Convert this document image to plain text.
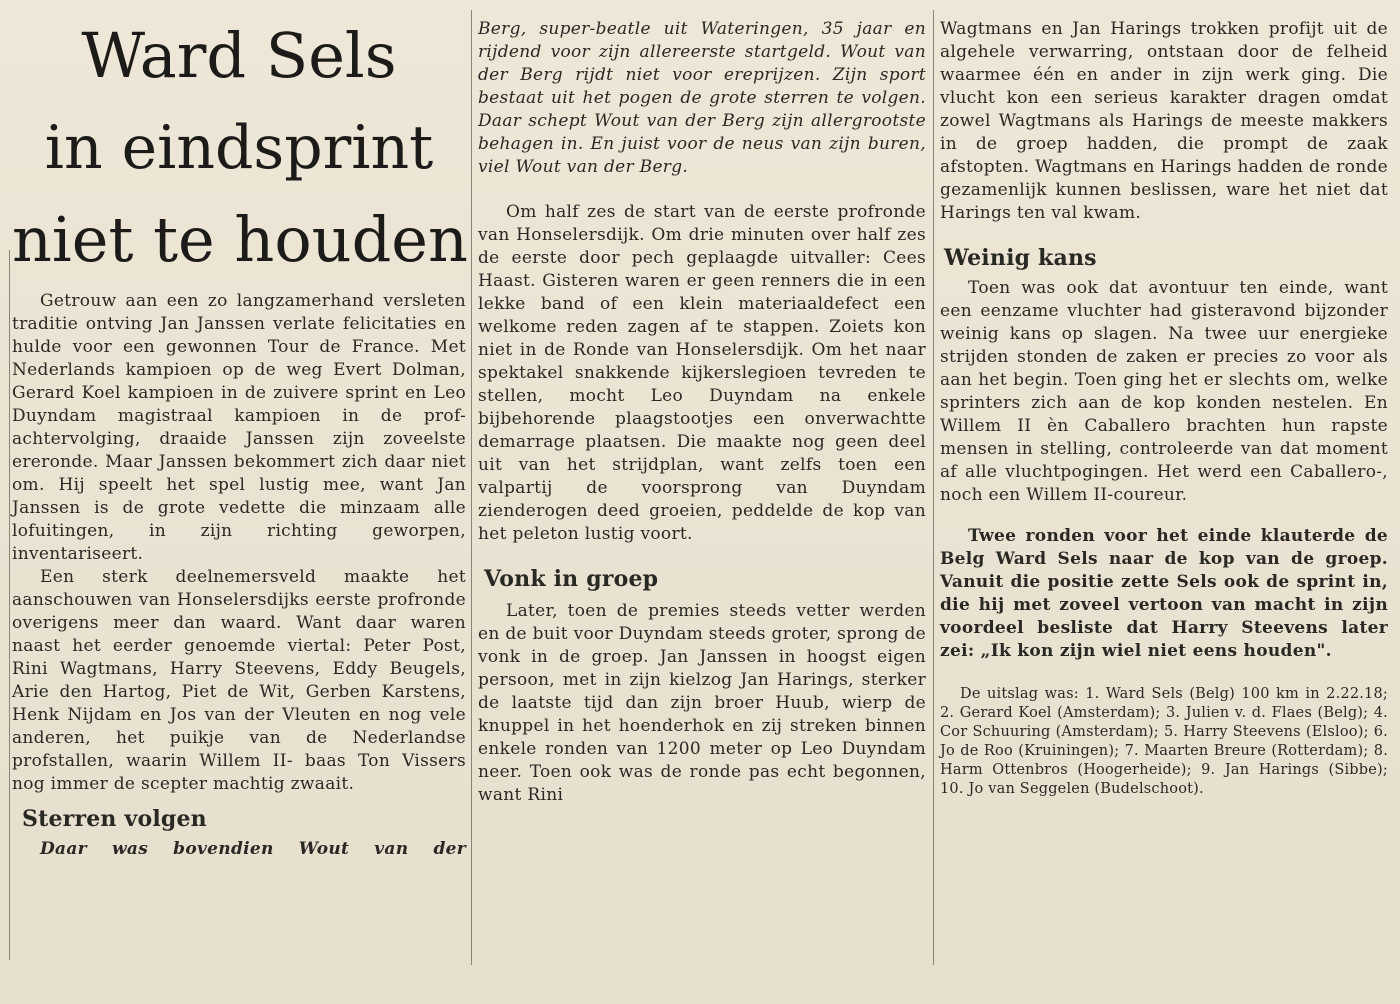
Ward Sels
in eindsprint
niet te houden

Getrouw aan een zo langzamerhand versleten traditie ontving Jan Janssen verlate felicitaties en hulde voor een gewonnen Tour de France. Met Nederlands kampioen op de weg Evert Dolman, Gerard Koel kampioen in de zuivere sprint en Leo Duyndam magistraal kampioen in de prof-achtervolging, draaide Janssen zijn zoveelste ereronde. Maar Janssen bekommert zich daar niet om. Hij speelt het spel lustig mee, want Jan Janssen is de grote vedette die minzaam alle lofuitingen, in zijn richting geworpen, inventariseert.

Een sterk deelnemersveld maakte het aanschouwen van Honselersdijks eerste profronde overigens meer dan waard. Want daar waren naast het eerder genoemde viertal: Peter Post, Rini Wagtmans, Harry Steevens, Eddy Beugels, Arie den Hartog, Piet de Wit, Gerben Karstens, Henk Nijdam en Jos van der Vleuten en nog vele anderen, het puikje van de Nederlandse profstallen, waarin Willem II- baas Ton Vissers nog immer de scepter machtig zwaait.

Sterren volgen

Daar was bovendien Wout van der

Berg, super-beatle uit Wateringen, 35 jaar en rijdend voor zijn allereerste startgeld. Wout van der Berg rijdt niet voor ereprijzen. Zijn sport bestaat uit het pogen de grote sterren te volgen. Daar schept Wout van der Berg zijn allergrootste behagen in. En juist voor de neus van zijn buren, viel Wout van der Berg.

Om half zes de start van de eerste profronde van Honselersdijk. Om drie minuten over half zes de eerste door pech geplaagde uitvaller: Cees Haast. Gisteren waren er geen renners die in een lekke band of een klein materiaaldefect een welkome reden zagen af te stappen. Zoiets kon niet in de Ronde van Honselersdijk. Om het naar spektakel snakkende kijkerslegioen tevreden te stellen, mocht Leo Duyndam na enkele bijbehorende plaagstootjes een onverwachtte demarrage plaatsen. Die maakte nog geen deel uit van het strijdplan, want zelfs toen een valpartij de voorsprong van Duyndam zienderogen deed groeien, peddelde de kop van het peleton lustig voort.

Vonk in groep

Later, toen de premies steeds vetter werden en de buit voor Duyndam steeds groter, sprong de vonk in de groep. Jan Janssen in hoogst eigen persoon, met in zijn kielzog Jan Harings, sterker de laatste tijd dan zijn broer Huub, wierp de knuppel in het hoenderhok en zij streken binnen enkele ronden van 1200 meter op Leo Duyndam neer. Toen ook was de ronde pas echt begonnen, want Rini

Wagtmans en Jan Harings trokken profijt uit de algehele verwarring, ontstaan door de felheid waarmee één en ander in zijn werk ging. Die vlucht kon een serieus karakter dragen omdat zowel Wagtmans als Harings de meeste makkers in de groep hadden, die prompt de zaak afstopten. Wagtmans en Harings hadden de ronde gezamenlijk kunnen beslissen, ware het niet dat Harings ten val kwam.

Weinig kans

Toen was ook dat avontuur ten einde, want een eenzame vluchter had gisteravond bijzonder weinig kans op slagen. Na twee uur energieke strijden stonden de zaken er precies zo voor als aan het begin. Toen ging het er slechts om, welke sprinters zich aan de kop konden nestelen. En Willem II èn Caballero brachten hun rapste mensen in stelling, controleerde van dat moment af alle vluchtpogingen. Het werd een Caballero-, noch een Willem II-coureur.

Twee ronden voor het einde klauterde de Belg Ward Sels naar de kop van de groep. Vanuit die positie zette Sels ook de sprint in, die hij met zoveel vertoon van macht in zijn voordeel besliste dat Harry Steevens later zei: „Ik kon zijn wiel niet eens houden".

De uitslag was: 1. Ward Sels (Belg) 100 km in 2.22.18; 2. Gerard Koel (Amsterdam); 3. Julien v. d. Flaes (Belg); 4. Cor Schuuring (Amsterdam); 5. Harry Steevens (Elsloo); 6. Jo de Roo (Kruiningen); 7. Maarten Breure (Rotterdam); 8. Harm Ottenbros (Hoogerheide); 9. Jan Harings (Sibbe); 10. Jo van Seggelen (Budelschoot).
